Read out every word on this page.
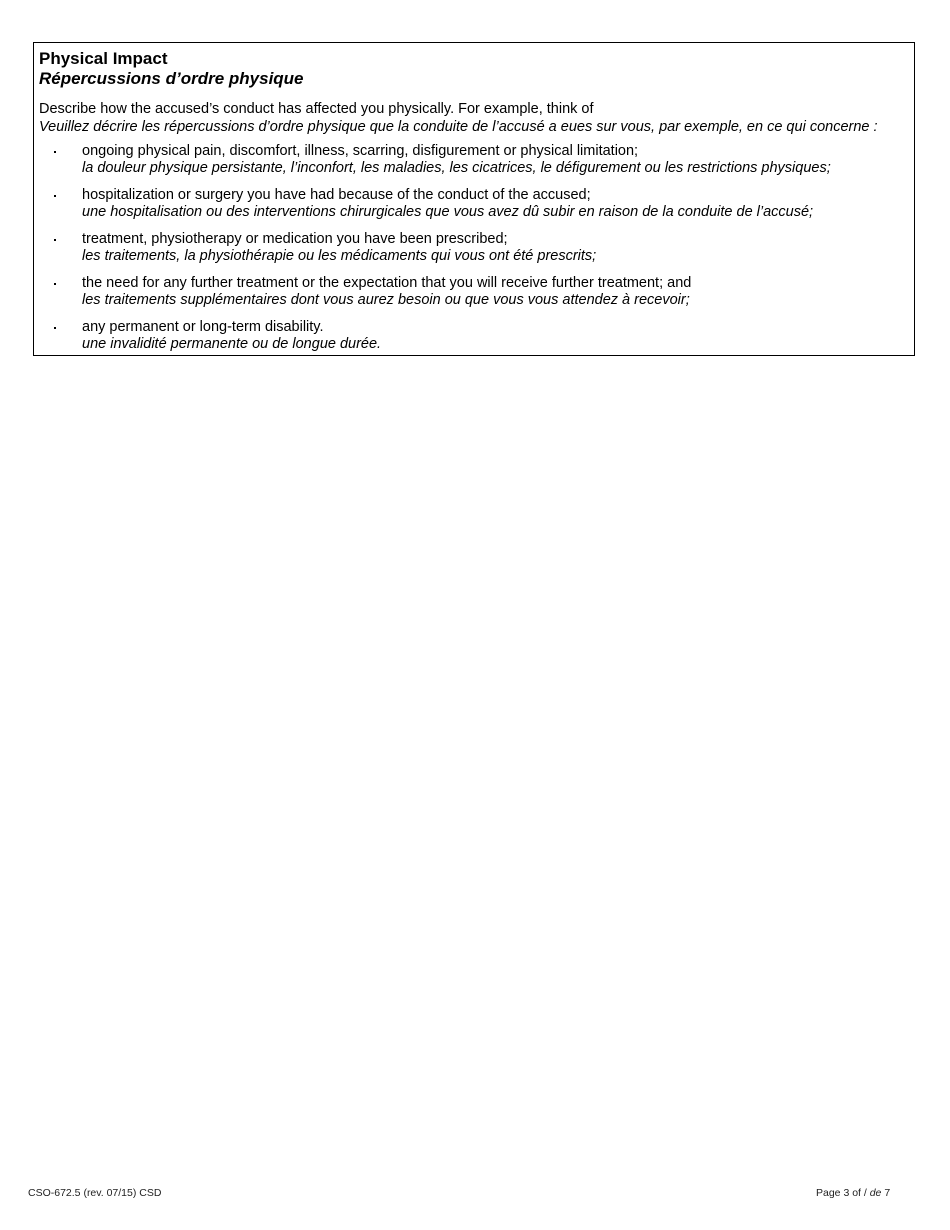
Physical Impact
Répercussions d’ordre physique
Describe how the accused’s conduct has affected you physically. For example, think of
Veuillez décrire les répercussions d’ordre physique que la conduite de l’accusé a eues sur vous, par exemple, en ce qui concerne :
ongoing physical pain, discomfort, illness, scarring, disfigurement or physical limitation;
la douleur physique persistante, l’inconfort, les maladies, les cicatrices, le défigurement ou les restrictions physiques;
hospitalization or surgery you have had because of the conduct of the accused;
une hospitalisation ou des interventions chirurgicales que vous avez dû subir en raison de la conduite de l’accusé;
treatment, physiotherapy or medication you have been prescribed;
les traitements, la physiothérapie ou les médicaments qui vous ont été prescrits;
the need for any further treatment or the expectation that you will receive further treatment; and
les traitements supplémentaires dont vous aurez besoin ou que vous vous attendez à recevoir;
any permanent or long-term disability.
une invalidité permanente ou de longue durée.
CSO-672.5 (rev. 07/15) CSD	Page 3 of / de 7
